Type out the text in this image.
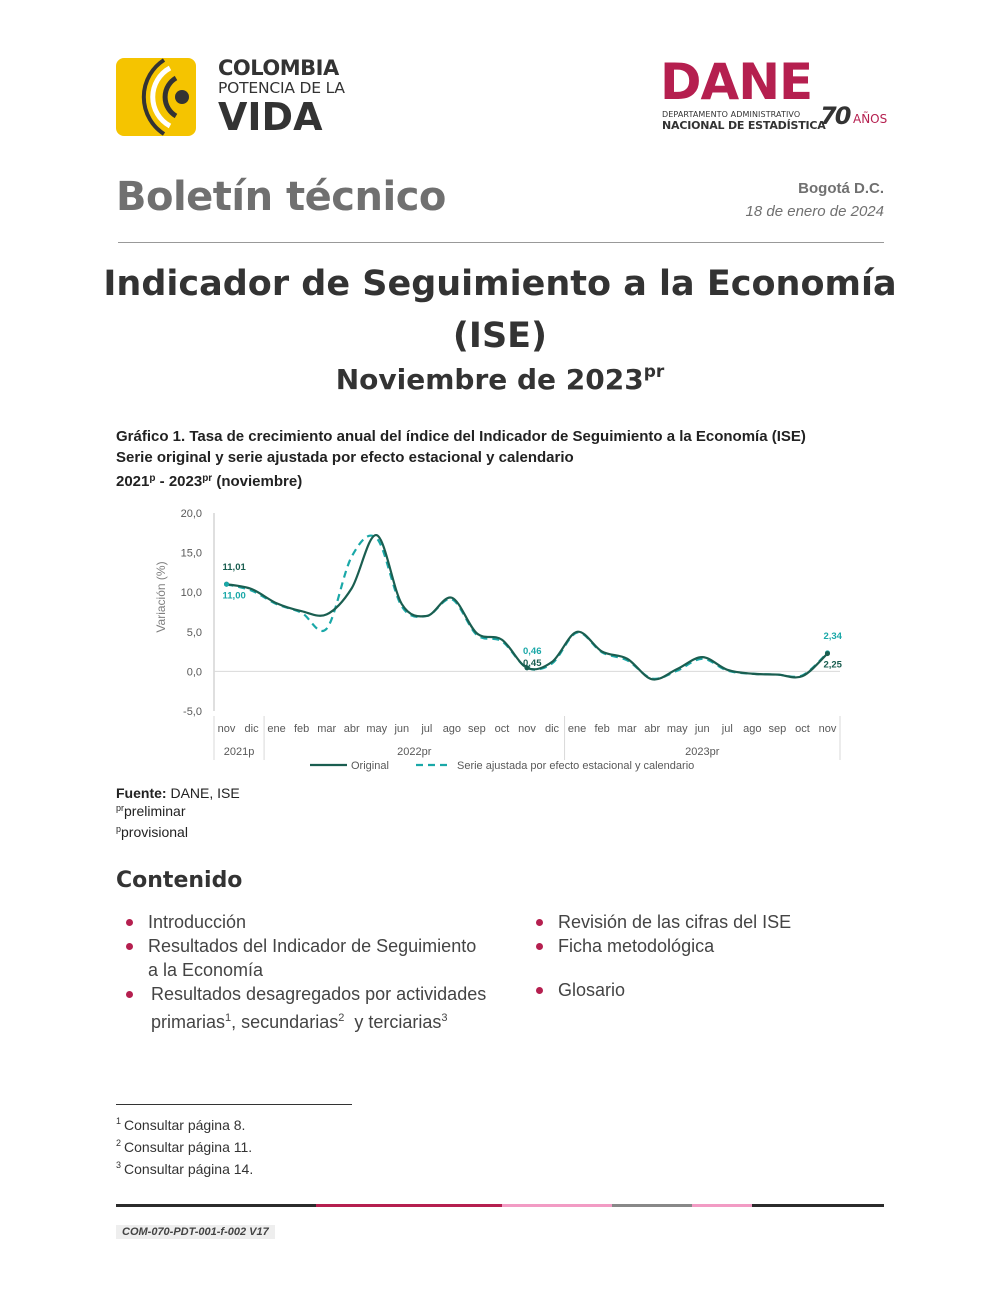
COLOMBIA
POTENCIA DE LA
VIDA
DANE
DEPARTAMENTO ADMINISTRATIVO
NACIONAL DE ESTADÍSTICA
70 AÑOS
Boletín técnico	Bogotá D.C.
18 de enero de 2024
Indicador de Seguimiento a la Economía
(ISE)
Noviembre de $2023^{pr}$
Gráfico 1. Tasa de crecimiento anual del índice del Indicador de Seguimiento a la Economía (ISE)
Serie original y serie ajustada por efecto estacional y calendario
$2021^p - 2023^{pr}$ (noviembre)
20,0
15,0
10,0
5,0
0,0
-5,0
Variación (%)
nov dic ene feb mar abr may jun jul ago sep oct nov dic ene feb mar abr may jun jul ago sep oct nov
2021p	2022pr	2023pr
11,01
11,00
0,46
0,45
2,34
2,25
Original	Serie ajustada por efecto estacional y calendario
Fuente: DANE, ISE
$^{pr}$preliminar
$^p$provisional
Contenido
Introducción
Resultados del Indicador de Seguimiento
a la Economía
Resultados desagregados por actividades
primarias$^1$, secundarias$^2$  y terciarias$^3$
Revisión de las cifras del ISE
Ficha metodológica
Glosario
$^1$ Consultar página 8.
$^2$ Consultar página 11.
$^3$ Consultar página 14.
COM-070-PDT-001-f-002 V17
